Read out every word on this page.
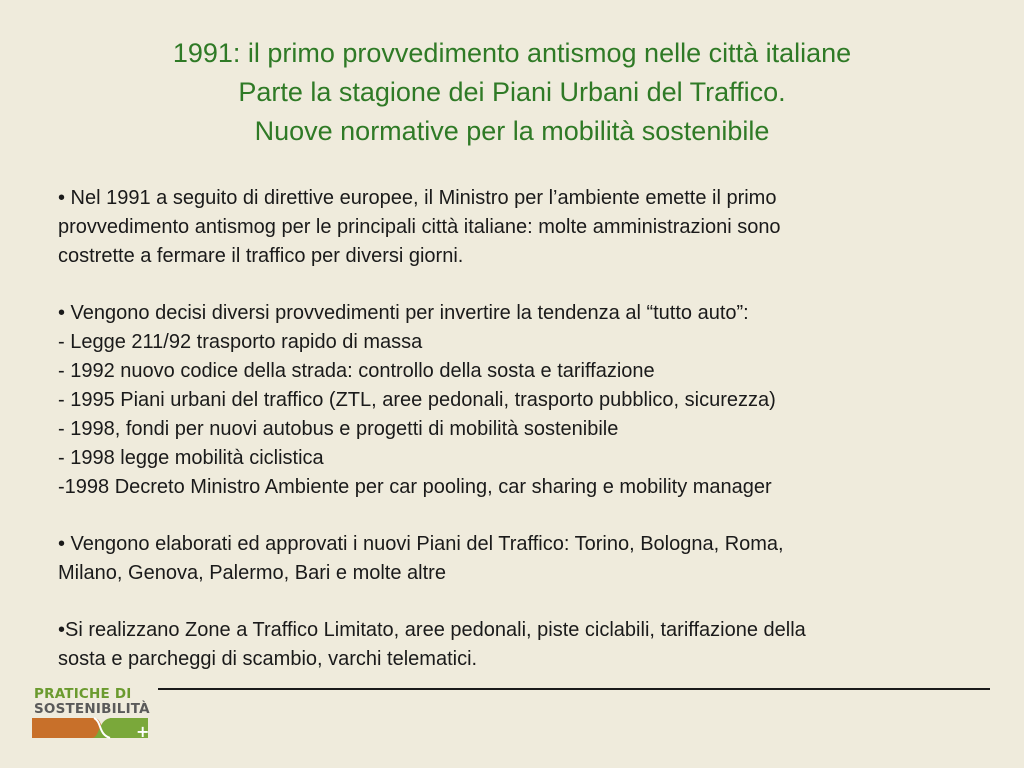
1991: il primo provvedimento antismog nelle città italiane
Parte la stagione dei Piani Urbani del Traffico.
Nuove normative per la mobilità sostenibile

• Nel 1991 a seguito di direttive europee, il Ministro per l’ambiente emette il primo
provvedimento antismog per le principali città italiane: molte amministrazioni sono
costrette a fermare il traffico per diversi giorni.

• Vengono decisi diversi provvedimenti per invertire la tendenza al “tutto auto”:
- Legge 211/92 trasporto rapido di massa
- 1992 nuovo codice della strada: controllo della sosta e tariffazione
- 1995 Piani urbani del traffico (ZTL, aree pedonali, trasporto pubblico, sicurezza)
- 1998, fondi per nuovi autobus e progetti di mobilità sostenibile
- 1998 legge mobilità ciclistica
-1998 Decreto Ministro Ambiente per car pooling, car sharing e mobility manager

• Vengono elaborati ed approvati i nuovi Piani del Traffico: Torino, Bologna, Roma,
Milano, Genova, Palermo, Bari e molte altre

•Si realizzano Zone a Traffico Limitato, aree pedonali, piste ciclabili, tariffazione della
sosta e parcheggi di scambio, varchi telematici.

PRATICHE DI
SOSTENIBILITÀ
+
